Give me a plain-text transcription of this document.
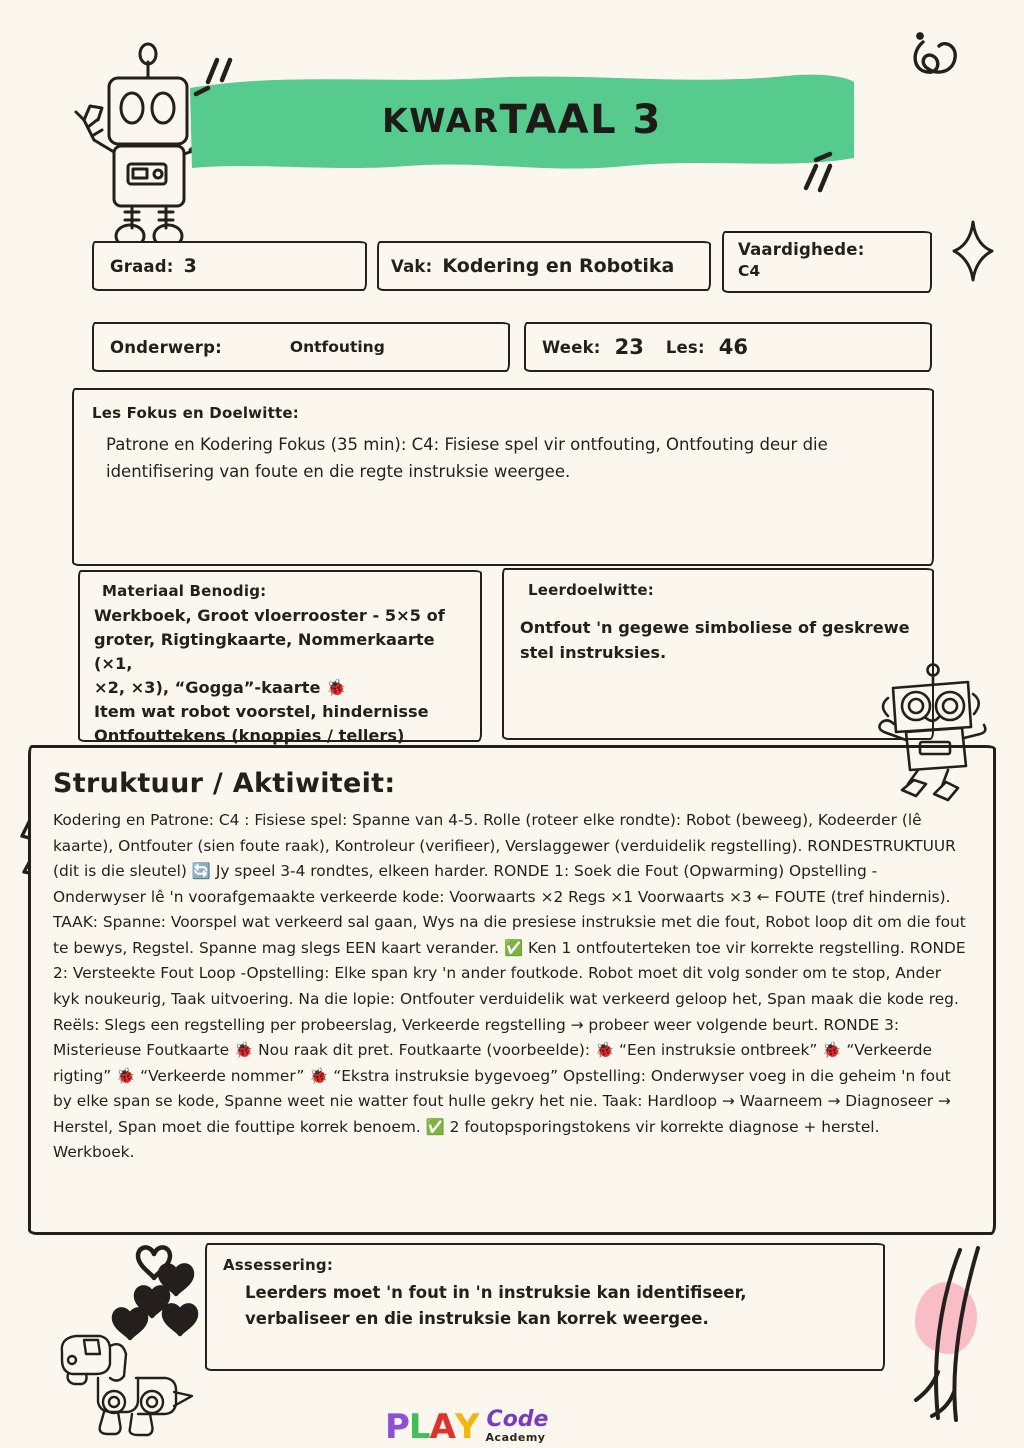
KWAR TAAL 3
Graad: 3	Vak: Kodering en Robotika
Vaardighede:
C4
Onderwerp:	Ontfouting	Week: 23 Les: 46
Les Fokus en Doelwitte:
Patrone en Kodering Fokus (35 min): C4: Fisiese spel vir ontfouting, Ontfouting deur die identifisering van foute en die regte instruksie weergee.
Materiaal Benodig:
Werkboek, Groot vloerrooster - 5×5 of
groter, Rigtingkaarte, Nommerkaarte (×1,
×2, ×3), “Gogga”-kaarte 🐞
Item wat robot voorstel, hindernisse
Ontfouttekens (knoppies / tellers)
Leerdoelwitte:
Ontfout 'n gegewe simboliese of geskrewe stel instruksies.
Struktuur / Aktiwiteit:
Kodering en Patrone: C4 : Fisiese spel: Spanne van 4-5. Rolle (roteer elke rondte): Robot (beweeg), Kodeerder (lê kaarte), Ontfouter (sien foute raak), Kontroleur (verifieer), Verslaggewer (verduidelik regstelling). RONDESTRUKTUUR (dit is die sleutel) 🔄 Jy speel 3-4 rondtes, elkeen harder. RONDE 1: Soek die Fout (Opwarming) Opstelling - Onderwyser lê 'n voorafgemaakte verkeerde kode: Voorwaarts ×2 Regs ×1 Voorwaarts ×3 ← FOUTE (tref hindernis). TAAK: Spanne: Voorspel wat verkeerd sal gaan, Wys na die presiese instruksie met die fout, Robot loop dit om die fout te bewys, Regstel. Spanne mag slegs EEN kaart verander. ✅ Ken 1 ontfouterteken toe vir korrekte regstelling. RONDE 2: Versteekte Fout Loop -Opstelling: Elke span kry 'n ander foutkode. Robot moet dit volg sonder om te stop, Ander kyk noukeurig, Taak uitvoering. Na die lopie: Ontfouter verduidelik wat verkeerd geloop het, Span maak die kode reg. Reëls: Slegs een regstelling per probeerslag, Verkeerde regstelling → probeer weer volgende beurt. RONDE 3: Misterieuse Foutkaarte 🐞 Nou raak dit pret. Foutkaarte (voorbeelde): 🐞 “Een instruksie ontbreek” 🐞 “Verkeerde rigting” 🐞 “Verkeerde nommer” 🐞 “Ekstra instruksie bygevoeg” Opstelling: Onderwyser voeg in die geheim 'n fout by elke span se kode, Spanne weet nie watter fout hulle gekry het nie. Taak: Hardloop → Waarneem → Diagnoseer → Herstel, Span moet die fouttipe korrek benoem. ✅ 2 foutopsporingstokens vir korrekte diagnose + herstel.
Werkboek.
Assessering:
Leerders moet 'n fout in 'n instruksie kan identifiseer,
verbaliseer en die instruksie kan korrek weergee.
P L A Y Code
Academy
